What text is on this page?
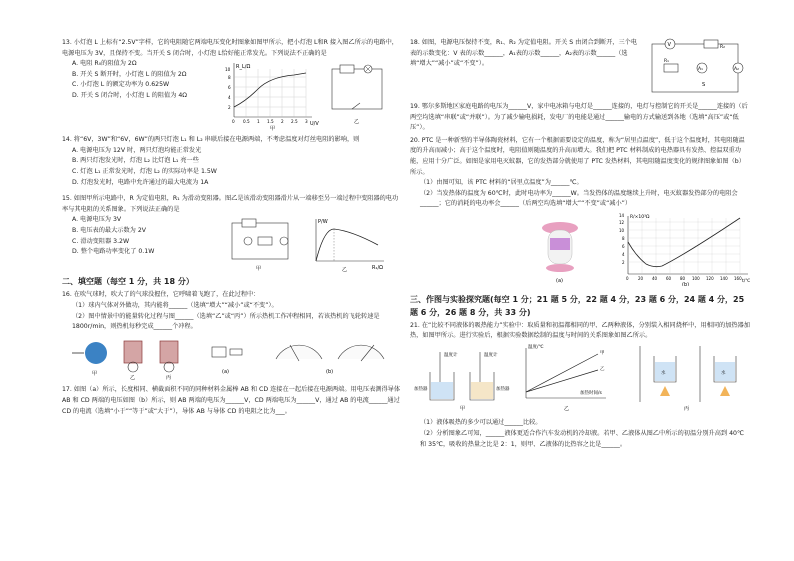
13. 小灯泡 L 上标有“2.5V”字样，它的电阻随它两端电压变化时图象如图甲所示，把小灯泡 L和R 接入图乙所示的电路中，电源电压为 3V，且保持不变。当开关 S 闭合时，小灯泡 L恰好能正常发光。下列说法不正确的是

A. 电阻 R₀的阻值为 2Ω

B. 开关 S 断开时，小灯泡 L 的阻值为 2Ω

C. 小灯泡 L 的额定功率为 0.625W

D. 开关 S 闭合时，小灯泡 L 的阻值为 4Ω

R_L/Ω
U/V
0 0.5 1 1.5 2 2.5 3
2
4
6
8
10
甲
乙

14. 将“6V，3W”和“6V，6W”的两只灯泡 L₁ 和 L₂ 串联后接在电源两端，不考虑温度对灯丝电阻的影响，则

A. 电源电压为 12V 时，两只灯泡均能正常发光

B. 两只灯泡发光时，灯泡 L₂ 比灯泡 L₁ 亮一些

C. 灯泡 L₁ 正常发光时，灯泡 L₂ 的实际功率是 1.5W

D. 灯泡发光时，电路中允许通过的最大电流为 1A

15. 如图甲所示电路中，R 为定值电阻，R₁ 为滑动变阻器。图乙是该滑动变阻器滑片从一端移至另一端过程中变阻器的电功率与其电阻的关系图象。下列说法正确的是

A. 电源电压为 3V

B. 电压表的最大示数为 2V

C. 滑动变阻器 3.2W

D. 整个电路功率变化了 0.1W

甲
P/W
R₁/Ω
乙

二、填空题（每空 1 分，共 18 分）

16. 在吹气球时，吹大了的气球没握住，它呼啸着飞跑了，在此过程中：

（1）球内气体对外做功，其内能将______（选填“增大”“减小”或“不变”）。

（2）图中情景中的能量转化过程与图______（选填“乙”或“丙”）所示热机工作冲程相同，若该热机的飞轮转速是 1800r/min，则热机每秒完成______个冲程。

甲
乙	丙
(a)	(b)

17. 如图（a）所示，长度相同、横截面积不同的同种材料金属棒 AB 和 CD 连接在一起后接在电源两端。用电压表测得导体 AB 和 CD 两端的电压如图（b）所示，则 AB 两端的电压为______V，CD 两端电压为______V，通过 AB 的电流______通过 CD 的电流（选填“小于”“等于”或“大于”），导体 AB 与导体 CD 的电阻之比为___。

18. 如图，电源电压保持不变，R₁、R₂ 为定值电阻。开关 S 由闭合到断开，三个电表的示数变化：V 表的示数______，A₁表的示数______，A₂表的示数______（选填“增大”“减小”或“不变”）。

V	R₂
R₁
A₁	A₂
S

19. 鄂尔多斯地区家庭电路的电压为______V，家中电冰箱与电灯是______连接的，电灯与控制它的开关是______连接的（后两空均选填“串联”或“并联”）。为了减少输电损耗，发电厂的电能是通过______输电的方式输送到各地（选填“高压”或“低压”）。

20. PTC 是一种新型的半导体陶瓷材料，它有一个根据需要设定的温度，称为“居里点温度”，低于这个温度时，其电阻随温度的升高而减小；高于这个温度时，电阻值则随温度的升高而增大。我们把 PTC 材料制成的电热器具有发热、控温双重功能，应用十分广泛。如图是家用电灭蚊器，它的发热部分就使用了 PTC 发热材料，其电阻随温度变化的规律图象如图（b）所示。

（1）由图可知，该 PTC 材料的“居里点温度”为______℃。

（2）当发热体的温度为 60℃时，此时电功率为______W。当发热体的温度继续上升时，电灭蚊器发热部分的电阻会______；它的消耗的电功率会______（后两空均选填“增大”“不变”或“减小”）

(a)
R/×10³Ω
t/℃
0 20 40 60 80 100 120 140 160
2
4
6
8
10
12
14
(b)

三、作图与实验探究题(每空 1 分；21 题 5 分，22 题 4 分，23 题 6 分，24 题 4 分，25 题 6 分，26 题 8 分，共 33 分)

21. 在“比较不同液体的吸热能力”实验中：取质量和初温都相同的甲、乙两种液体，分别装入相同烧杯中，用相同的加热器加热，如图甲所示。进行实验后，根据实验数据绘制的温度与时间的关系图象如图乙所示。

温度计	温度计
加热器	加热器
甲
温度/℃
加热时间/s
甲
乙
乙
水	水
丙

（1）液体吸热的多少可以通过______比较。

（2）分析图象乙可知，______液体更适合作汽车发动机的冷却液。若甲、乙液体从图乙中所示的初温分别升高到 40℃和 35℃，吸收的热量之比是 2：1，则甲、乙液体的比热容之比是______。
